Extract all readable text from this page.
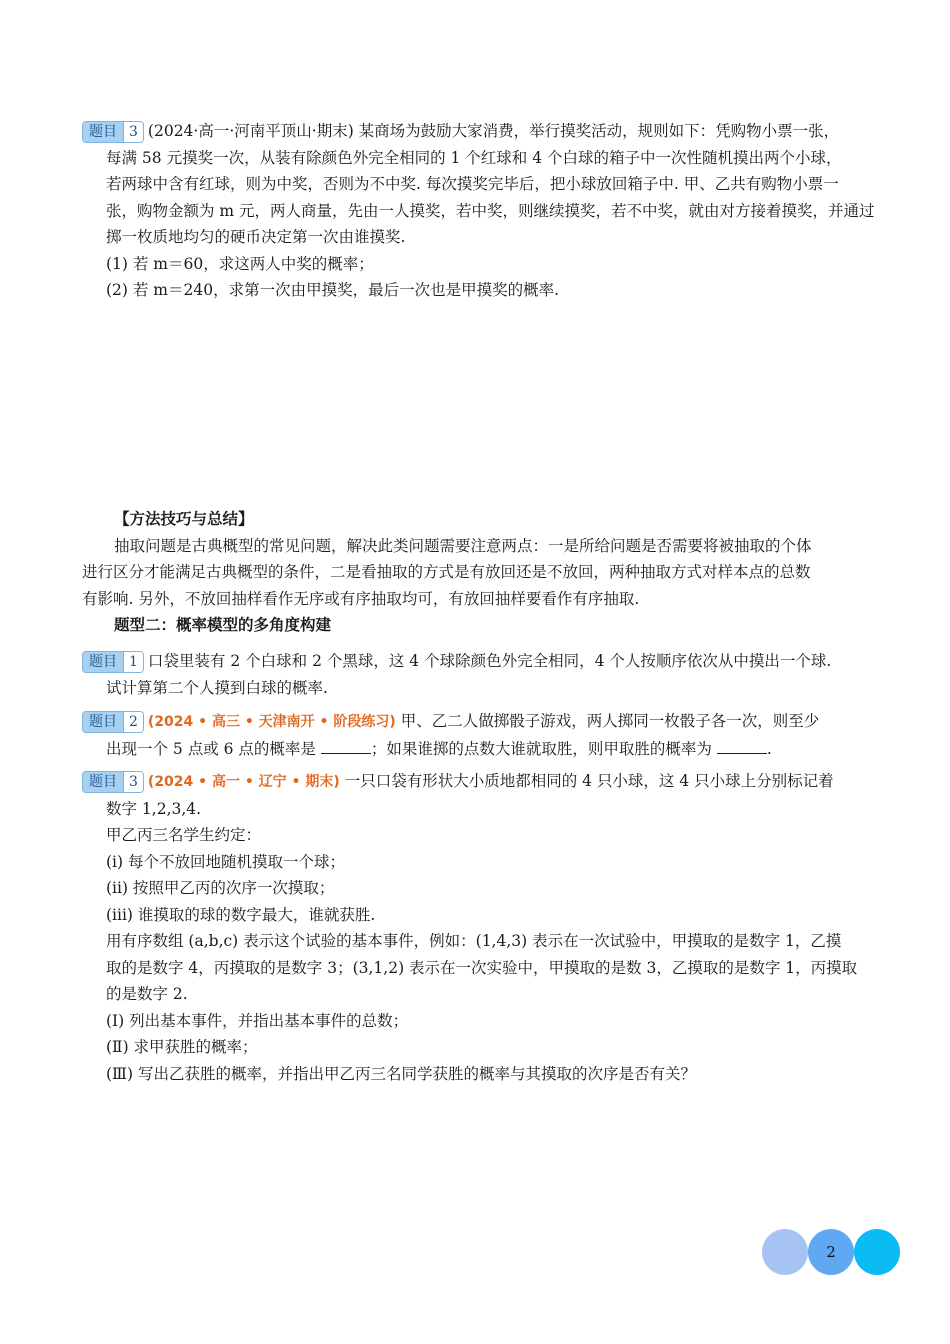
题目 3 (2024·高一·河南平顶山·期末) 某商场为鼓励大家消费，举行摸奖活动，规则如下：凭购物小票一张，
每满 58 元摸奖一次，从装有除颜色外完全相同的 1 个红球和 4 个白球的箱子中一次性随机摸出两个小球，
若两球中含有红球，则为中奖，否则为不中奖. 每次摸奖完毕后，把小球放回箱子中. 甲、乙共有购物小票一
张，购物金额为 m 元，两人商量，先由一人摸奖，若中奖，则继续摸奖，若不中奖，就由对方接着摸奖，并通过
掷一枚质地均匀的硬币决定第一次由谁摸奖.
(1) 若 m＝60，求这两人中奖的概率；
(2) 若 m＝240，求第一次由甲摸奖，最后一次也是甲摸奖的概率.
【方法技巧与总结】
抽取问题是古典概型的常见问题，解决此类问题需要注意两点：一是所给问题是否需要将被抽取的个体
进行区分才能满足古典概型的条件，二是看抽取的方式是有放回还是不放回，两种抽取方式对样本点的总数
有影响. 另外，不放回抽样看作无序或有序抽取均可，有放回抽样要看作有序抽取.
题型二：概率模型的多角度构建
题目 1 口袋里装有 2 个白球和 2 个黑球，这 4 个球除颜色外完全相同，4 个人按顺序依次从中摸出一个球.
试计算第二个人摸到白球的概率.
题目 2 (2024 • 高三 • 天津南开 • 阶段练习) 甲、乙二人做掷骰子游戏，两人掷同一枚骰子各一次，则至少
出现一个 5 点或 6 点的概率是	；如果谁掷的点数大谁就取胜，则甲取胜的概率为	.
题目 3 (2024 • 高一 • 辽宁 • 期末) 一只口袋有形状大小质地都相同的 4 只小球，这 4 只小球上分别标记着
数字 1,2,3,4.
甲乙丙三名学生约定：
(i) 每个不放回地随机摸取一个球；
(ii) 按照甲乙丙的次序一次摸取；
(iii) 谁摸取的球的数字最大，谁就获胜.
用有序数组 (a,b,c) 表示这个试验的基本事件，例如：(1,4,3) 表示在一次试验中，甲摸取的是数字 1，乙摸
取的是数字 4，丙摸取的是数字 3；(3,1,2) 表示在一次实验中，甲摸取的是数 3，乙摸取的是数字 1，丙摸取
的是数字 2.
(Ⅰ) 列出基本事件，并指出基本事件的总数；
(Ⅱ) 求甲获胜的概率；
(Ⅲ) 写出乙获胜的概率，并指出甲乙丙三名同学获胜的概率与其摸取的次序是否有关？
2
